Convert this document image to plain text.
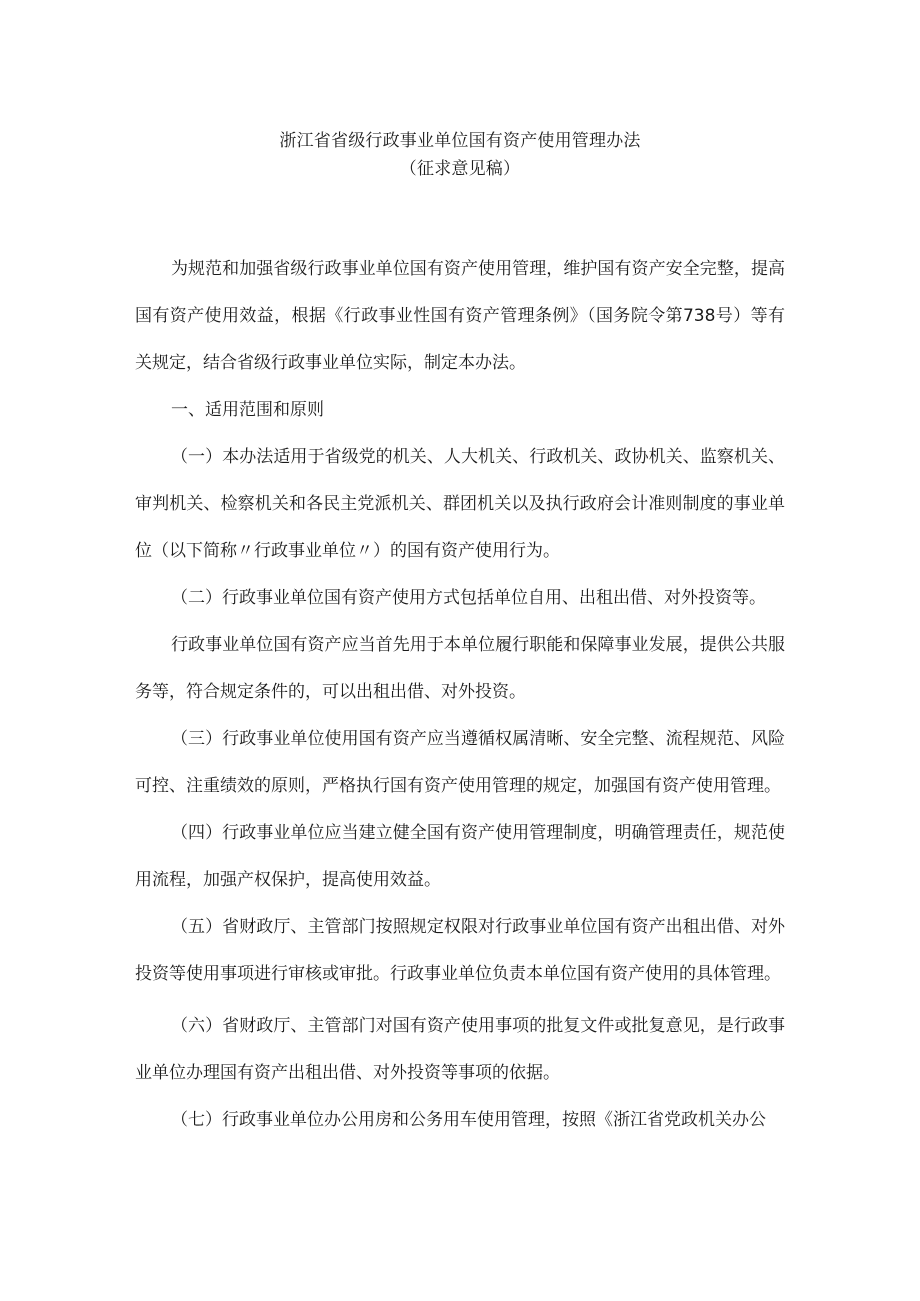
浙江省省级行政事业单位国有资产使用管理办法
（征求意见稿）

为规范和加强省级行政事业单位国有资产使用管理，维护国有资产安全完整，提高国有资产使用效益，根据《行政事业性国有资产管理条例》（国务院令第738号）等有关规定，结合省级行政事业单位实际，制定本办法。

一、适用范围和原则

（一）本办法适用于省级党的机关、人大机关、行政机关、政协机关、监察机关、审判机关、检察机关和各民主党派机关、群团机关以及执行政府会计准则制度的事业单位（以下简称〃行政事业单位〃）的国有资产使用行为。

（二）行政事业单位国有资产使用方式包括单位自用、出租出借、对外投资等。

行政事业单位国有资产应当首先用于本单位履行职能和保障事业发展，提供公共服务等，符合规定条件的，可以出租出借、对外投资。

（三）行政事业单位使用国有资产应当遵循权属清晰、安全完整、流程规范、风险可控、注重绩效的原则，严格执行国有资产使用管理的规定，加强国有资产使用管理。

（四）行政事业单位应当建立健全国有资产使用管理制度，明确管理责任，规范使用流程，加强产权保护，提高使用效益。

（五）省财政厅、主管部门按照规定权限对行政事业单位国有资产出租出借、对外投资等使用事项进行审核或审批。行政事业单位负责本单位国有资产使用的具体管理。

（六）省财政厅、主管部门对国有资产使用事项的批复文件或批复意见，是行政事业单位办理国有资产出租出借、对外投资等事项的依据。

（七）行政事业单位办公用房和公务用车使用管理，按照《浙江省党政机关办公
